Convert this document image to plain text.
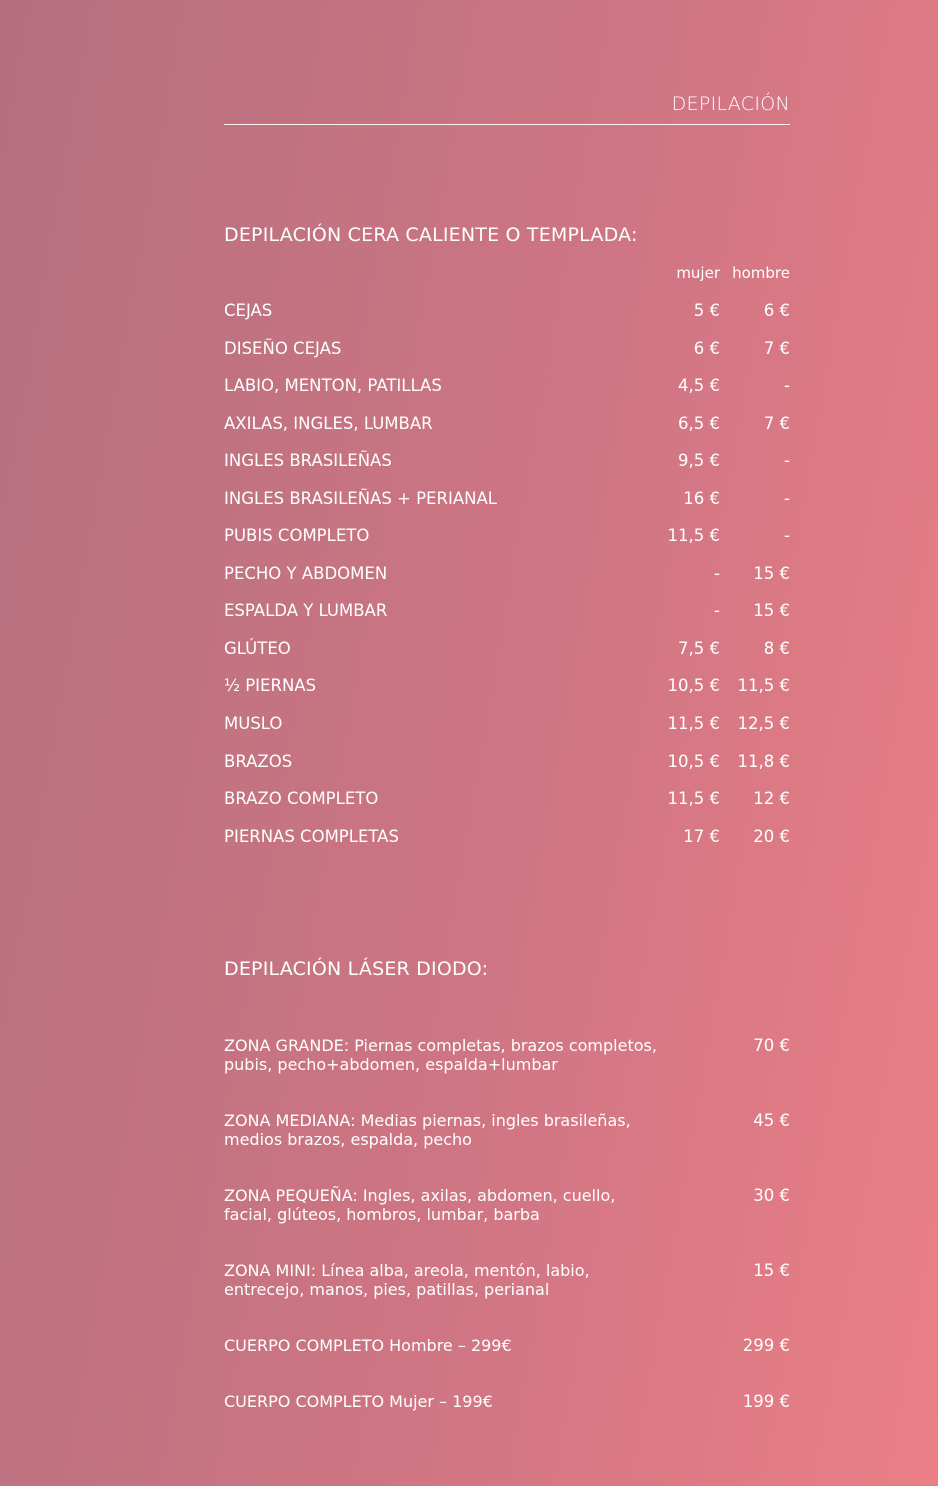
DEPILACIÓN
DEPILACIÓN CERA CALIENTE O TEMPLADA:
mujer hombre
CEJAS	5 €	6 €
DISEÑO CEJAS	6 €	7 €
LABIO, MENTON, PATILLAS	4,5 €	-
AXILAS, INGLES, LUMBAR	6,5 €	7 €
INGLES BRASILEÑAS	9,5 €	-
INGLES BRASILEÑAS + PERIANAL	16 €	-
PUBIS COMPLETO	11,5 €	-
PECHO Y ABDOMEN	- 15 €
ESPALDA Y LUMBAR	- 15 €
GLÚTEO	7,5 €	8 €
½ PIERNAS	10,5 € 11,5 €
MUSLO	11,5 € 12,5 €
BRAZOS	10,5 € 11,8 €
BRAZO COMPLETO	11,5 € 12 €
PIERNAS COMPLETAS	17 € 20 €
DEPILACIÓN LÁSER DIODO:
ZONA GRANDE: Piernas completas, brazos completos, pubis, pecho+abdomen, espalda+lumbar
70 €
ZONA MEDIANA: Medias piernas, ingles brasileñas, medios brazos, espalda, pecho
45 €
ZONA PEQUEÑA: Ingles, axilas, abdomen, cuello, facial, glúteos, hombros, lumbar, barba
30 €
ZONA MINI: Línea alba, areola, mentón, labio, entrecejo, manos, pies, patillas, perianal
15 €
CUERPO COMPLETO Hombre – 299€	299 €
CUERPO COMPLETO Mujer – 199€	199 €
